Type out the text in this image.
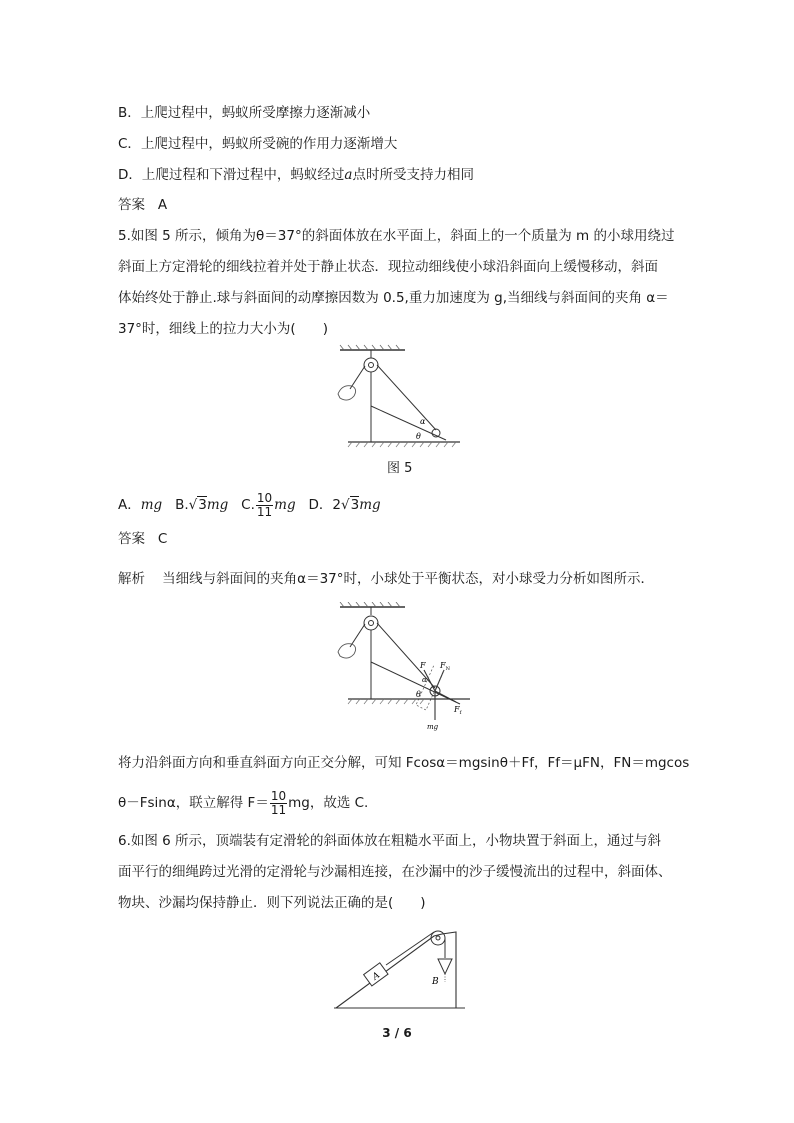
B．上爬过程中，蚂蚁所受摩擦力逐渐减小
C．上爬过程中，蚂蚁所受碗的作用力逐渐增大
D．上爬过程和下滑过程中，蚂蚁经过a点时所受支持力相同
答案 A
5.如图 5 所示，倾角为θ＝37°的斜面体放在水平面上，斜面上的一个质量为 m 的小球用绕过
斜面上方定滑轮的细线拉着并处于静止状态．现拉动细线使小球沿斜面向上缓慢移动，斜面
体始终处于静止.球与斜面间的动摩擦因数为 0.5,重力加速度为 g,当细线与斜面间的夹角 α＝
37°时，细线上的拉力大小为(　　)
α
θ
图 5
A．mg B.√3mg C. $\frac{10}{11}$ mg D．2√3mg
答案 C
解析 当细线与斜面间的夹角α＝37°时，小球处于平衡状态，对小球受力分析如图所示．
F $F_N$
$F_f$
mg
α
θ
将力沿斜面方向和垂直斜面方向正交分解，可知 Fcosα＝mgsinθ＋Ff，Ff＝μFN，FN＝mgcos
θ－Fsinα，联立解得 $F= \frac{10}{11}$ mg，故选 C.
6.如图 6 所示，顶端装有定滑轮的斜面体放在粗糙水平面上，小物块置于斜面上，通过与斜
面平行的细绳跨过光滑的定滑轮与沙漏相连接，在沙漏中的沙子缓慢流出的过程中，斜面体、
物块、沙漏均保持静止．则下列说法正确的是(　　)
A	B
3 / 6
